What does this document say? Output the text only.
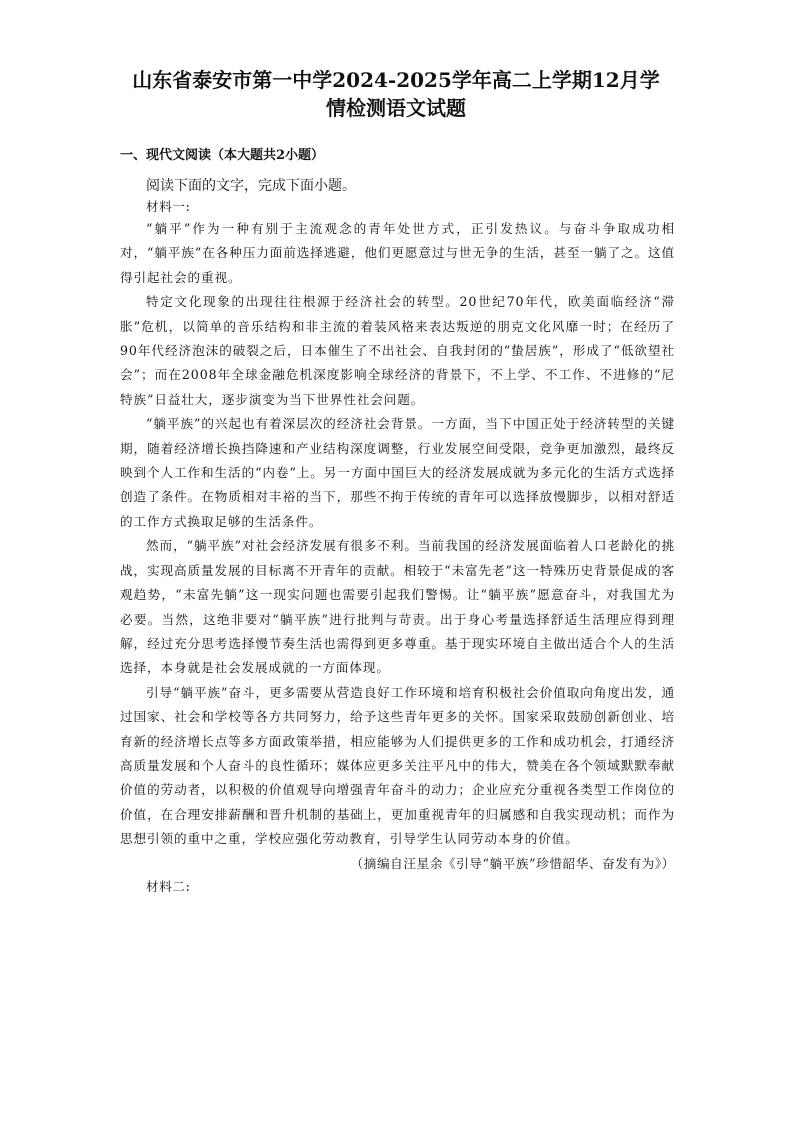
山东省泰安市第一中学2024-2025学年高二上学期12月学
情检测语文试题
一、现代文阅读（本大题共2小题）
阅读下面的文字，完成下面小题。
材料一:

“躺平”作为一种有别于主流观念的青年处世方式，正引发热议。与奋斗争取成功相对，“躺平族”在各种压力面前选择逃避，他们更愿意过与世无争的生活，甚至一躺了之。这值得引起社会的重视。

特定文化现象的出现往往根源于经济社会的转型。20世纪70年代，欧美面临经济“滞胀”危机，以简单的音乐结构和非主流的着装风格来表达叛逆的朋克文化风靡一时；在经历了90年代经济泡沫的破裂之后，日本催生了不出社会、自我封闭的“蛰居族”，形成了“低欲望社会”；而在2008年全球金融危机深度影响全球经济的背景下，不上学、不工作、不进修的“尼特族”日益壮大，逐步演变为当下世界性社会问题。

“躺平族”的兴起也有着深层次的经济社会背景。一方面，当下中国正处于经济转型的关键期，随着经济增长换挡降速和产业结构深度调整，行业发展空间受限，竞争更加激烈，最终反映到个人工作和生活的“内卷”上。另一方面中国巨大的经济发展成就为多元化的生活方式选择创造了条件。在物质相对丰裕的当下，那些不拘于传统的青年可以选择放慢脚步，以相对舒适的工作方式换取足够的生活条件。

然而，“躺平族”对社会经济发展有很多不利。当前我国的经济发展面临着人口老龄化的挑战，实现高质量发展的目标离不开青年的贡献。相较于“未富先老”这一特殊历史背景促成的客观趋势，“未富先躺”这一现实问题也需要引起我们警惕。让“躺平族”愿意奋斗，对我国尤为必要。当然，这绝非要对“躺平族”进行批判与苛责。出于身心考量选择舒适生活理应得到理解，经过充分思考选择慢节奏生活也需得到更多尊重。基于现实环境自主做出适合个人的生活选择，本身就是社会发展成就的一方面体现。

引导“躺平族”奋斗，更多需要从营造良好工作环境和培育积极社会价值取向角度出发，通过国家、社会和学校等各方共同努力，给予这些青年更多的关怀。国家采取鼓励创新创业、培育新的经济增长点等多方面政策举措，相应能够为人们提供更多的工作和成功机会，打通经济高质量发展和个人奋斗的良性循环；媒体应更多关注平凡中的伟大，赞美在各个领域默默奉献价值的劳动者，以积极的价值观导向增强青年奋斗的动力；企业应充分重视各类型工作岗位的价值，在合理安排薪酬和晋升机制的基础上，更加重视青年的归属感和自我实现动机；而作为思想引领的重中之重，学校应强化劳动教育，引导学生认同劳动本身的价值。

（摘编自汪星余《引导“躺平族”珍惜韶华、奋发有为》）
材料二:
